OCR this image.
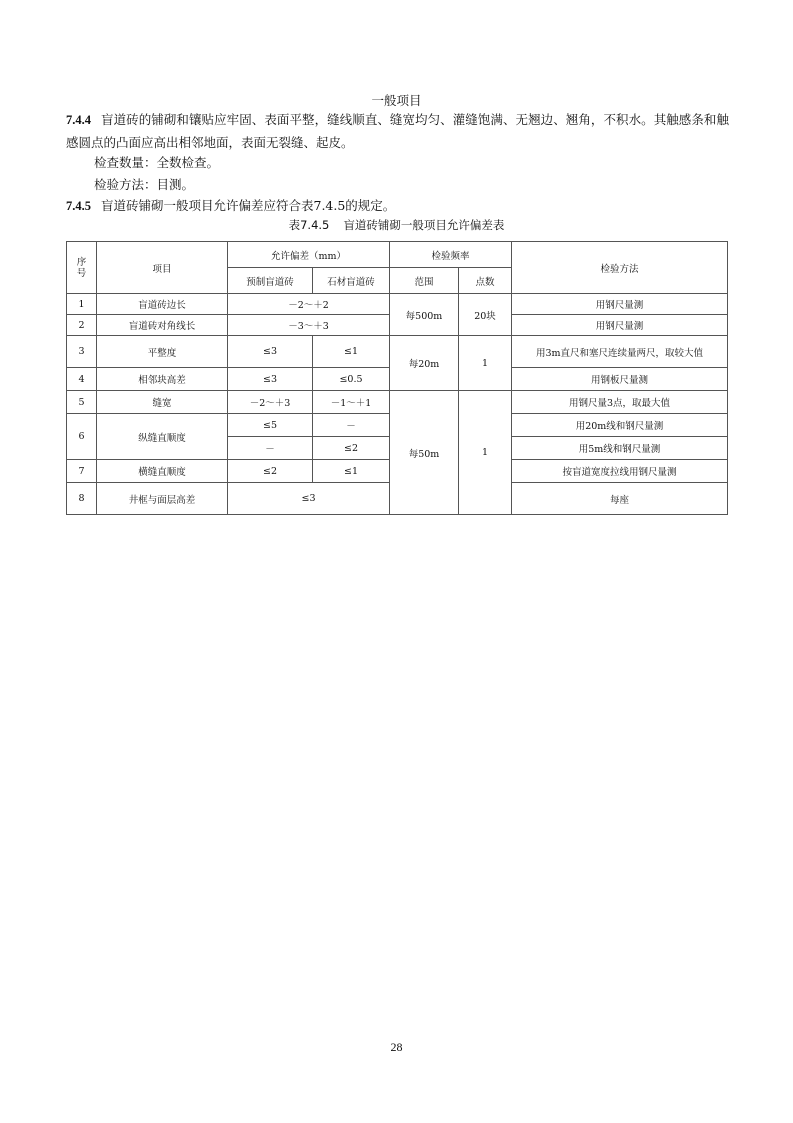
一般项目

7.4.4 盲道砖的铺砌和镶贴应牢固、表面平整，缝线顺直、缝宽均匀、灌缝饱满、无翘边、翘角，不积水。其触感条和触感圆点的凸面应高出相邻地面，表面无裂缝、起皮。

检查数量：全数检查。

检验方法：目测。

7.4.5 盲道砖铺砌一般项目允许偏差应符合表7.4.5的规定。

表7.4.5 盲道砖铺砌一般项目允许偏差表
序号	项目	允许偏差（mm）		检验频率		检验方法	
		预制盲道砖	石材盲道砖	范围	点数		
1	盲道砖边长	－2～＋2		每500m	20块	用钢尺量测	
2	盲道砖对角线长	－3～＋3				用钢尺量测	
3	平整度	≤3	≤1	每20m	1	用3m直尺和塞尺连续量两尺，取较大值	
4	相邻块高差	≤3	≤0.5			用钢板尺量测	
5	缝宽	－2～＋3	－1～＋1	每50m	1	用钢尺量3点，取最大值	
6	纵缝直顺度	≤5	－			用20m线和钢尺量测	
		－	≤2			用5m线和钢尺量测	
7	横缝直顺度	≤2	≤1			按盲道宽度拉线用钢尺量测	
8	井框与面层高差	≤3				每座		
28
